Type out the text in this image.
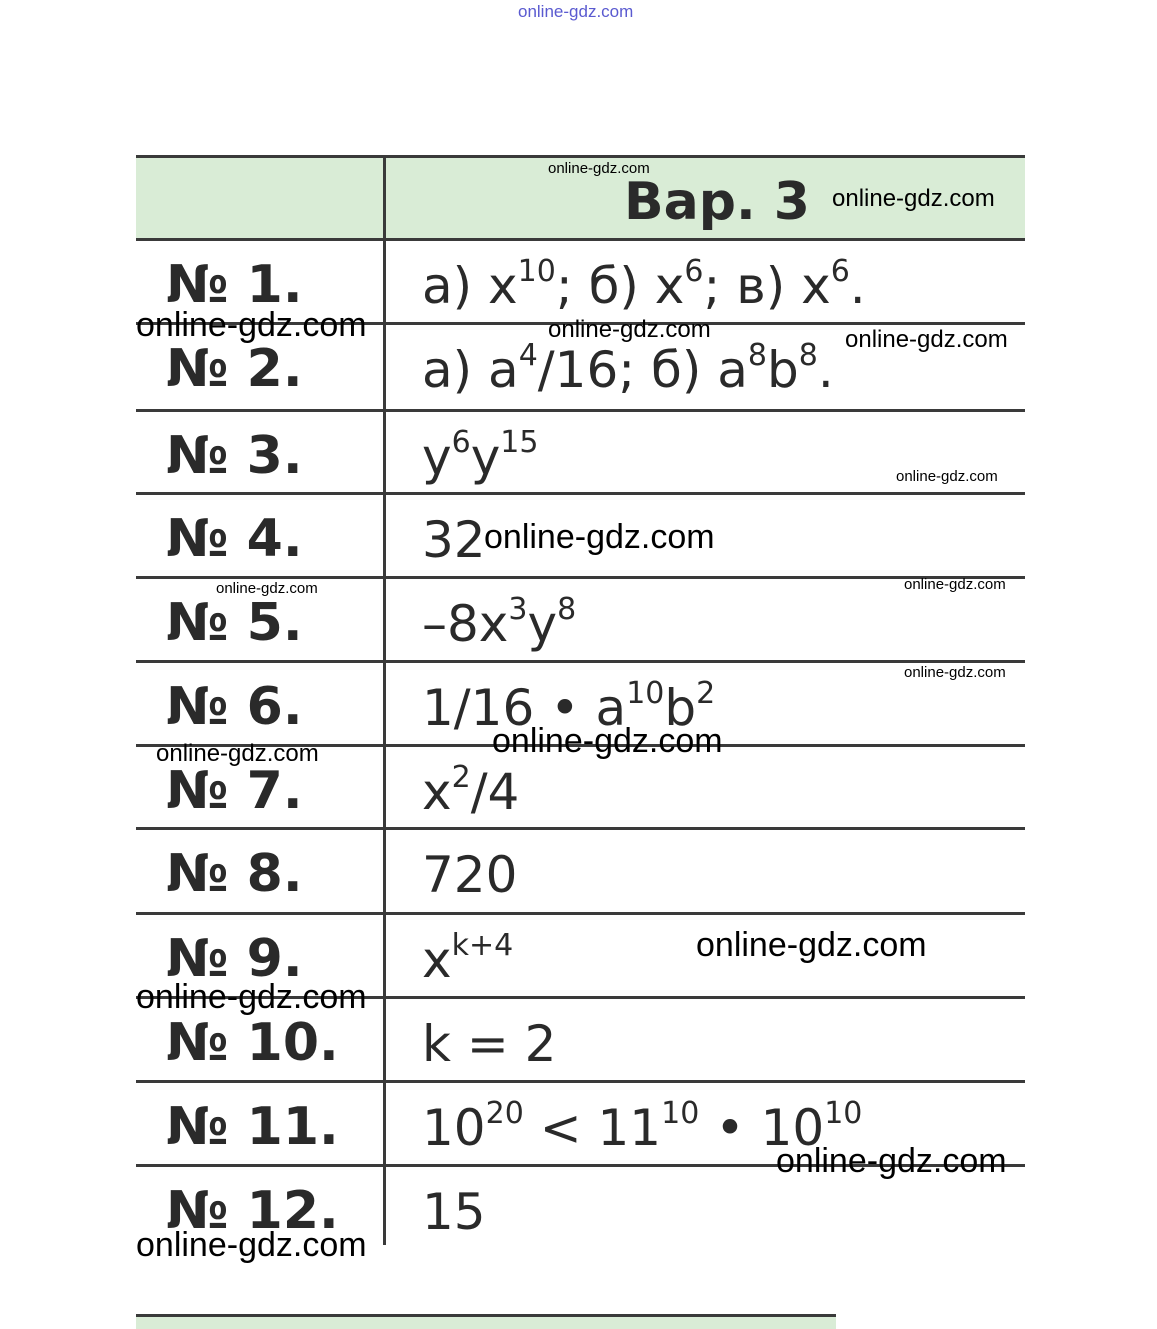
online-gdz.com
Вар. 3
№ 1. а) $x^{10}$; б) $x^6$; в) $x^6$.
№ 2. а) $a^4/16$; б) $a^8b^8$.
№ 3. $y^6y^{15}$
№ 4. 32
№ 5. $-8x^3y^8$
№ 6. 1/16 • $a^{10}b^2$
№ 7. $x^2/4$
№ 8. 720
№ 9. $x^{k+4}$
№ 10. k = 2
№ 11. $10^{20} < 11^{10}$ • $10^{10}$
№ 12. 15
online-gdz.com
online-gdz.com
online-gdz.com	online-gdz.com	online-gdz.com
online-gdz.com
online-gdz.com
online-gdz.com	online-gdz.com
online-gdz.com
online-gdz.com	online-gdz.com
online-gdz.com
online-gdz.com
online-gdz.com
online-gdz.com
